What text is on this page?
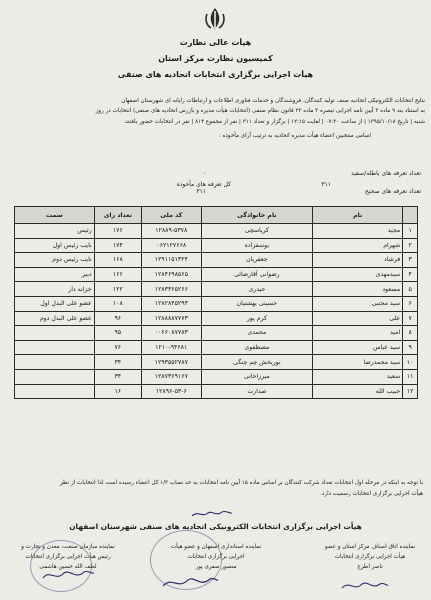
هیأت عالی نظارت
کمیسیون نظارت مرکز استان
هیأت اجرایی برگزاری انتخابات اتحادیه های صنفی
نتایج انتخابات الکترونیکی اتحادیه صنف تولید کنندگان، فروشندگان و خدمات فناوری اطلاعات و ارتباطات رایانه ای شهرستان اصفهان
به استناد بند ۹ ماده ۳ آیین نامه اجرایی تبصره ۳ ماده ۲۲ قانون نظام صنفی (انتخابات هیأت مدیره و بازرس اتحادیه های صنفی) انتخابات در روز
شنبه | تاریخ ۱۳۹۵/۱۰/۱۸ | از ساعت ۰۷:۳۰ | لغایت ۱۲:۱۵ | برگزار و تعداد ۳۱۱ | نفر از مجموع ۸۱۴ | نفر در انتخابات حضور یافتند.
اسامی منتخبین اعضاء هیأت مدیره اتحادیه به ترتیب آرای مأخوذه :
تعداد تعرفه های باطله/سفید
۰
کل تعرفه های مأخوذه	۳۱۱
تعداد تعرفه های صحیح
۳۱۱
	نام	نام خانوادگی	کد ملی	تعداد رای	سمت
۱	مجید	کریاسچی	۱۲۸۸۹-۵۳۷۸	۱۷۶	رئیس
۲	شهرام	یوسفزاده	۰۶۲۱۲۷۶۶۸	۱۷۴	نایب رئیس اول
۳	فرشاد	جعفریان	۱۲۹۱۱۵۱۳۲۴	۱۶۸	نایب رئیس دوم
۴	سیدمهدی	رضوانی آقارضائی	۱۲۸۴۶۹۸۵۶۵	۱۶۶	دبیر
۵	مسعود	حیدری	۱۲۸۳۳۶۵۲۶۶	۱۲۲	خزانه دار
۶	سید مجتبی	حسینی بهشتیان	۱۲۸۲۸۴۵۲۹۳	۱۰۸	عضو علی البدل اول
۷	علی	کرم پور	۱۲۸۸۸۸۷۷۷۳	۹۶	عضو علی البدل دوم
۸	امید	محمدی	۰۰۶۶۰۸۷۷۸۳	۹۵	
۹	سید عباس	مصطفوی	۱۲۱۰-۹۴۶۸۱	۷۶	
۱۰	سید محمدرضا	نوربخش چم چنگی	۱۲۹۳۵۵۲۷۸۷	۳۴	
۱۱	سعید	میرزاخانی	۱۲۸۷۳۶۹۱۶۷	۳۴	
۱۲	حبیب الله	صدارت	۱۲۸۹۶-۵۳-۶	۱۶	
با توجه به اینکه در مرحله اول انتخابات تعداد شرکت کنندگان بر اساس ماده ۱۵ آیین نامه انتخابات به حد نصاب ۱/۳ کل اعضاء رسیده است لذا انتخابات از نظر
هیأت اجرایی برگزاری انتخابات رسمیت دارد.
هیأت اجرایی برگزاری انتخابات الکترونیکی اتحادیه های صنفی شهرستان اصفهان
نماینده اتاق اصناف مرکز استان و عضو
هیأت اجرایی برگزاری انتخابات
ناصر اطرج
نماینده استانداری اصفهان و عضو هیأت
اجرایی برگزاری انتخابات
منصور صفری پور
نماینده سازمان صنعت، معدن و تجارت و
رئیس هیأت اجرایی برگزاری انتخابات
لطف الله حسین هاشمی
